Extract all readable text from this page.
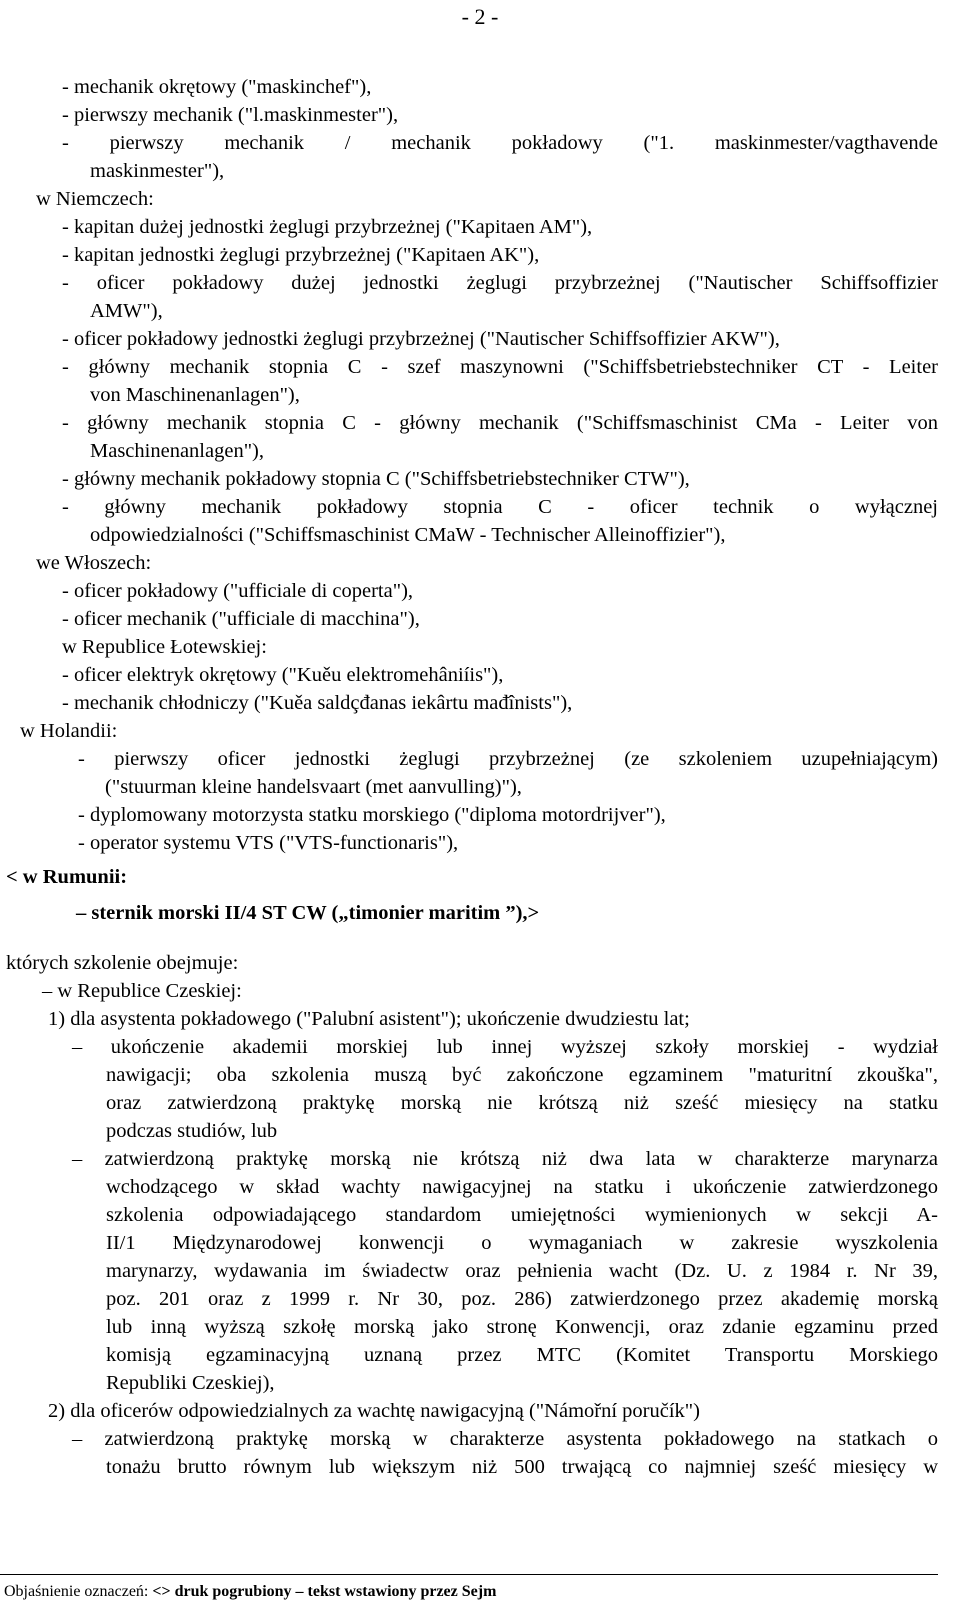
- 2 -
- mechanik okrętowy ("maskinchef"),
- pierwszy mechanik ("l.maskinmester"),
- pierwszy mechanik / mechanik pokładowy ("1. maskinmester/vagthavende
maskinmester"),
w Niemczech:
- kapitan dużej jednostki żeglugi przybrzeżnej ("Kapitaen AM"),
- kapitan jednostki żeglugi przybrzeżnej ("Kapitaen AK"),
- oficer pokładowy dużej jednostki żeglugi przybrzeżnej ("Nautischer Schiffsoffizier
AMW"),
- oficer pokładowy jednostki żeglugi przybrzeżnej ("Nautischer Schiffsoffizier AKW"),
- główny mechanik stopnia C - szef maszynowni ("Schiffsbetriebstechniker CT - Leiter
von Maschinenanlagen"),
- główny mechanik stopnia C - główny mechanik ("Schiffsmaschinist CMa - Leiter von
Maschinenanlagen"),
- główny mechanik pokładowy stopnia C ("Schiffsbetriebstechniker CTW"),
- główny mechanik pokładowy stopnia C - oficer technik o wyłącznej
odpowiedzialności ("Schiffsmaschinist CMaW - Technischer Alleinoffizier"),
we Włoszech:
- oficer pokładowy ("ufficiale di coperta"),
- oficer mechanik ("ufficiale di macchina"),
w Republice Łotewskiej:
- oficer elektryk okrętowy ("Kuěu elektromehâniíis"),
- mechanik chłodniczy ("Kuěa saldçđanas iekârtu mađînists"),
w Holandii:
- pierwszy oficer jednostki żeglugi przybrzeżnej (ze szkoleniem uzupełniającym)
("stuurman kleine handelsvaart (met aanvulling)"),
- dyplomowany motorzysta statku morskiego ("diploma motordrijver"),
- operator systemu VTS ("VTS-functionaris"),
< w Rumunii:
– sternik morski II/4 ST CW („timonier maritim ”),>
których szkolenie obejmuje:
– w Republice Czeskiej:
1) dla asystenta pokładowego ("Palubní asistent"); ukończenie dwudziestu lat;
– ukończenie akademii morskiej lub innej wyższej szkoły morskiej - wydział
nawigacji; oba szkolenia muszą być zakończone egzaminem "maturitní zkouška",
oraz zatwierdzoną praktykę morską nie krótszą niż sześć miesięcy na statku
podczas studiów, lub
– zatwierdzoną praktykę morską nie krótszą niż dwa lata w charakterze marynarza
wchodzącego w skład wachty nawigacyjnej na statku i ukończenie zatwierdzonego
szkolenia odpowiadającego standardom umiejętności wymienionych w sekcji A-
II/1 Międzynarodowej konwencji o wymaganiach w zakresie wyszkolenia
marynarzy, wydawania im świadectw oraz pełnienia wacht (Dz. U. z 1984 r. Nr 39,
poz. 201 oraz z 1999 r. Nr 30, poz. 286) zatwierdzonego przez akademię morską
lub inną wyższą szkołę morską jako stronę Konwencji, oraz zdanie egzaminu przed
komisją egzaminacyjną uznaną przez MTC (Komitet Transportu Morskiego
Republiki Czeskiej),
2) dla oficerów odpowiedzialnych za wachtę nawigacyjną ("Námořní poručík")
– zatwierdzoną praktykę morską w charakterze asystenta pokładowego na statkach o
tonażu brutto równym lub większym niż 500 trwającą co najmniej sześć miesięcy w
Objaśnienie oznaczeń: <> druk pogrubiony – tekst wstawiony przez Sejm
